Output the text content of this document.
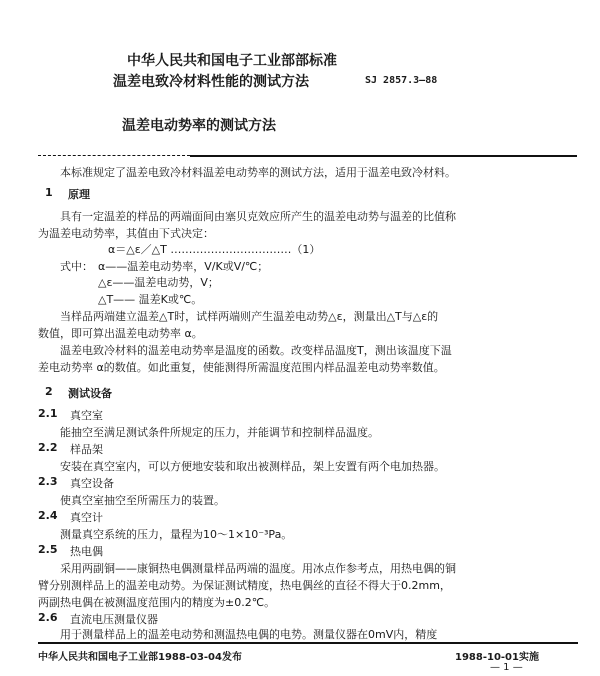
中华人民共和国电子工业部部标准
温差电致冷材料性能的测试方法	SJ 2857.3—88
温差电动势率的测试方法
本标准规定了温差电致冷材料温差电动势率的测试方法，适用于温差电致冷材料。
1 原理
具有一定温差的样品的两端面间由塞贝克效应所产生的温差电动势与温差的比值称
为温差电动势率，其值由下式决定：
α＝△ε／△T ……………………………（1）
式中： α——温差电动势率，V/K或V/℃；
△ε——温差电动势，V；
△T—— 温差K或℃。
当样品两端建立温差△T时，试样两端则产生温差电动势△ε，测量出△T与△ε的
数值，即可算出温差电动势率 α。
温差电致冷材料的温差电动势率是温度的函数。改变样品温度T，测出该温度下温
差电动势率 α的数值。如此重复，使能测得所需温度范围内样品温差电动势率数值。
2 测试设备
2.1 真空室
能抽空至满足测试条件所规定的压力，并能调节和控制样品温度。
2.2 样品架
安装在真空室内，可以方便地安装和取出被测样品，架上安置有两个电加热器。
2.3 真空设备
使真空室抽空至所需压力的装置。
2.4 真空计
测量真空系统的压力，量程为10～1×10⁻³Pa。
2.5 热电偶
采用两副铜——康铜热电偶测量样品两端的温度。用冰点作参考点，用热电偶的铜
臂分别测样品上的温差电动势。为保证测试精度，热电偶丝的直径不得大于0.2mm，
两副热电偶在被测温度范围内的精度为±0.2℃。
2.6 直流电压测量仪器
用于测量样品上的温差电动势和测温热电偶的电势。测量仪器在0mV内，精度
中华人民共和国电子工业部1988-03-04发布	1988-10-01实施
— 1 —
